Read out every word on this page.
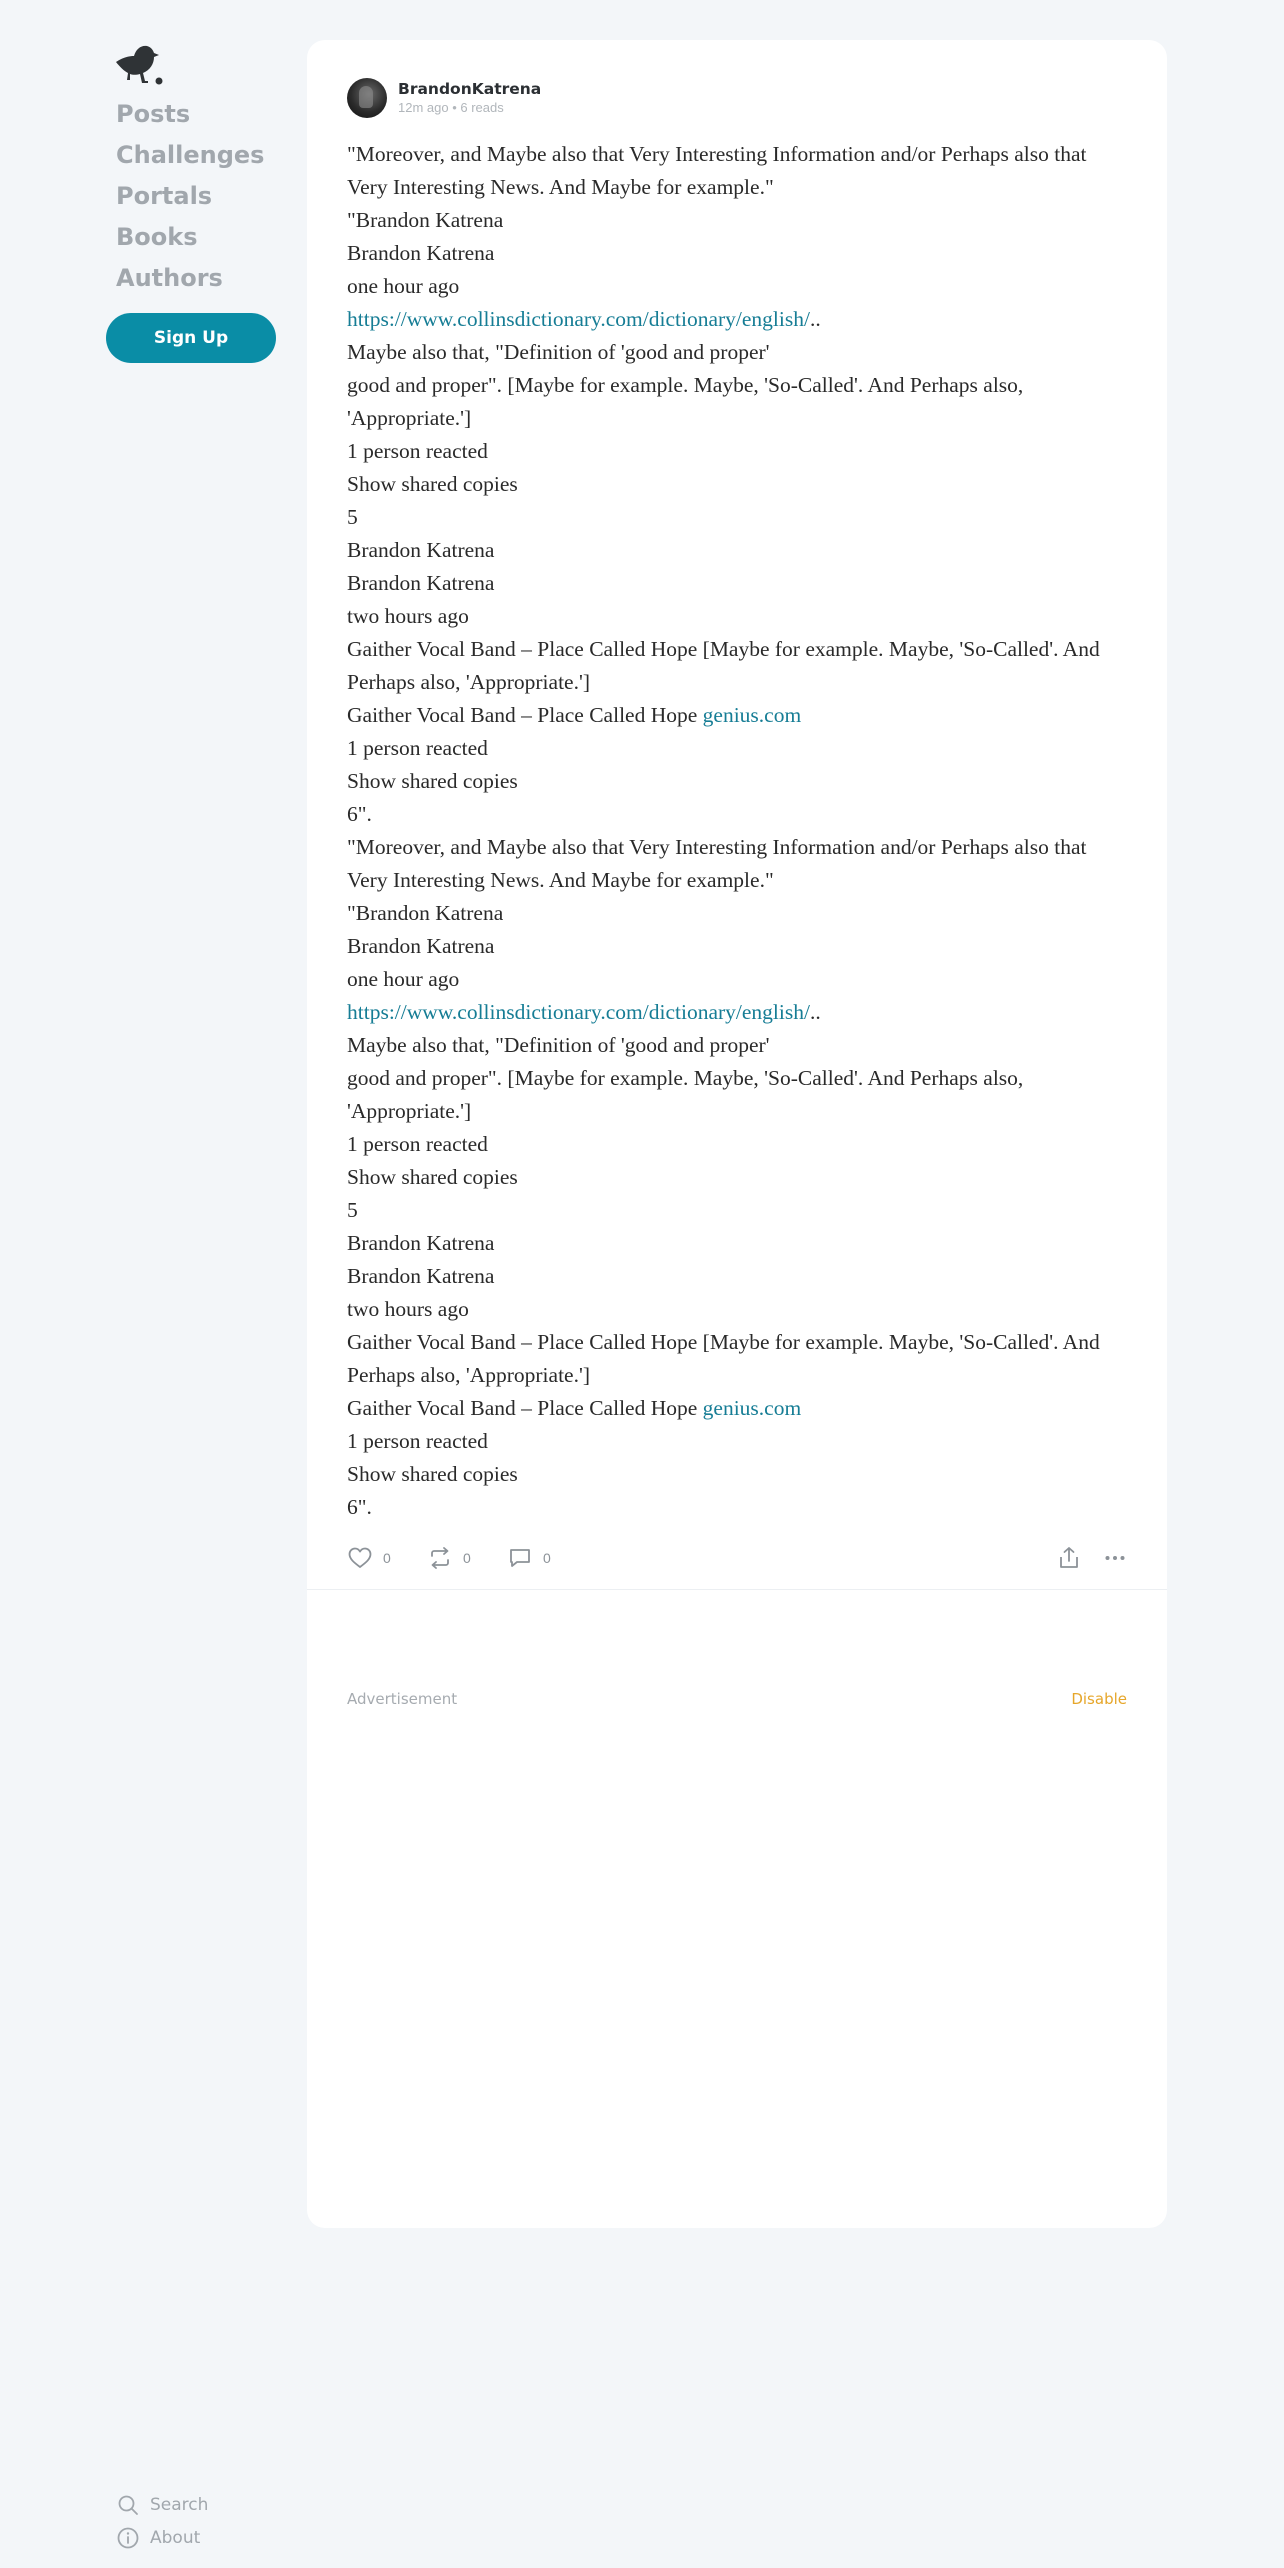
Posts
Challenges
Portals
Books
Authors
Sign Up
BrandonKatrena
12m ago • 6 reads

"Moreover, and Maybe also that Very Interesting Information and/or Perhaps also that Very Interesting News. And Maybe for example."

"Brandon Katrena

Brandon Katrena

one hour ago

https://www.collinsdictionary.com/dictionary/english/..

Maybe also that, "Definition of 'good and proper'

good and proper". [Maybe for example. Maybe, 'So-Called'. And Perhaps also, 'Appropriate.']

1 person reacted

Show shared copies

5

Brandon Katrena

Brandon Katrena

two hours ago

Gaither Vocal Band – Place Called Hope [Maybe for example. Maybe, 'So-Called'. And Perhaps also, 'Appropriate.']

Gaither Vocal Band – Place Called Hope genius.com

1 person reacted

Show shared copies

6".

"Moreover, and Maybe also that Very Interesting Information and/or Perhaps also that Very Interesting News. And Maybe for example."

"Brandon Katrena

Brandon Katrena

one hour ago

https://www.collinsdictionary.com/dictionary/english/..

Maybe also that, "Definition of 'good and proper'

good and proper". [Maybe for example. Maybe, 'So-Called'. And Perhaps also, 'Appropriate.']

1 person reacted

Show shared copies

5

Brandon Katrena

Brandon Katrena

two hours ago

Gaither Vocal Band – Place Called Hope [Maybe for example. Maybe, 'So-Called'. And Perhaps also, 'Appropriate.']

Gaither Vocal Band – Place Called Hope genius.com

1 person reacted

Show shared copies

6".

0	0	0
Advertisement	Disable
Search
About
